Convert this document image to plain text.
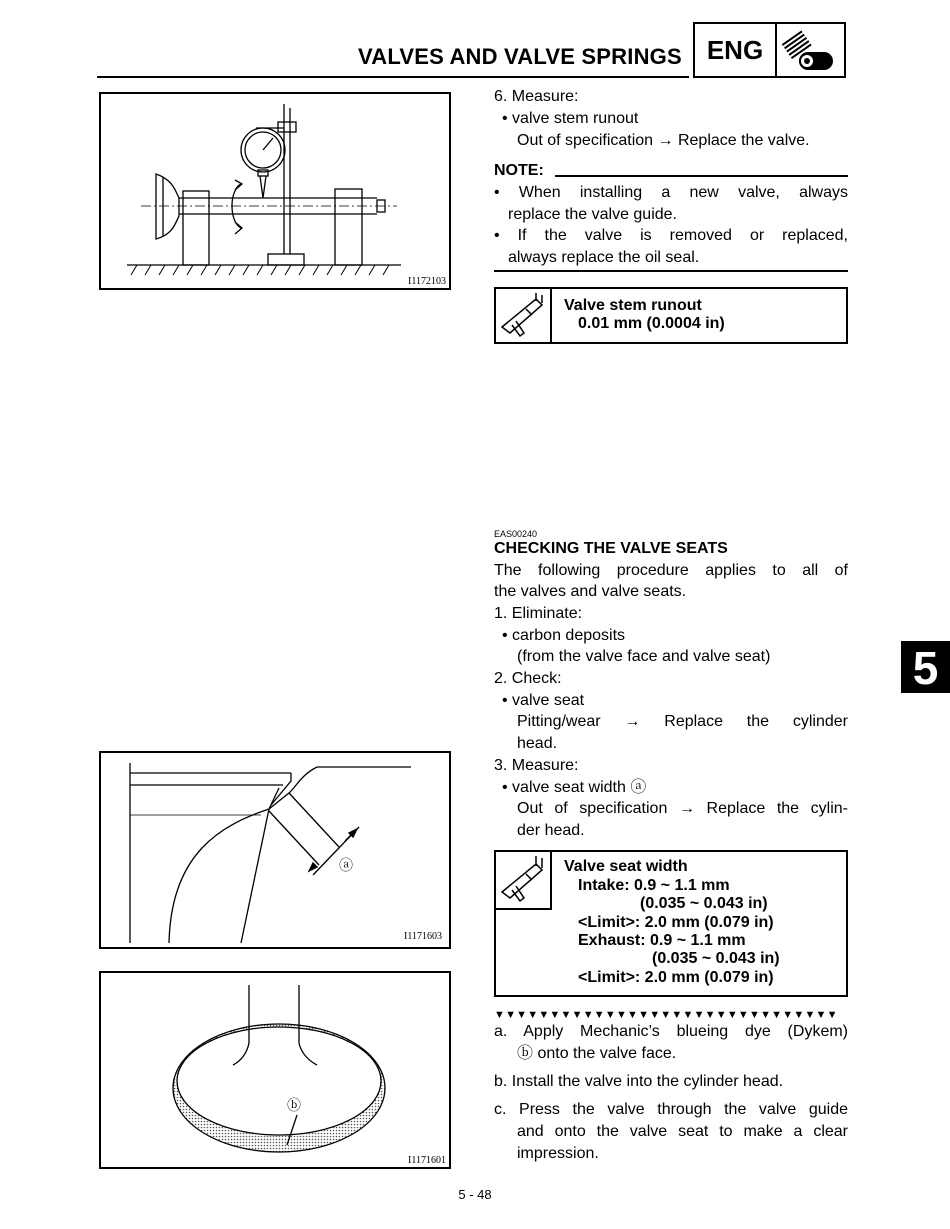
VALVES AND VALVE SPRINGS ENG
I1172103
6. Measure:
• valve stem runout
Out of specification → Replace the valve.
NOTE:
• When installing a new valve, always
replace the valve guide.
• If the valve is removed or replaced,
always replace the oil seal.
Valve stem runout
0.01 mm (0.0004 in)
EAS00240
CHECKING THE VALVE SEATS
The following procedure applies to all of
the valves and valve seats.
1. Eliminate:
• carbon deposits
(from the valve face and valve seat)
2. Check:
• valve seat
Pitting/wear → Replace the cylinder
head.
3. Measure:
• valve seat width ⓐ
Out of specification → Replace the cylin-
der head.
Valve seat width
Intake: 0.9 ~ 1.1 mm
(0.035 ~ 0.043 in)
<Limit>: 2.0 mm (0.079 in)
Exhaust: 0.9 ~ 1.1 mm
(0.035 ~ 0.043 in)
<Limit>: 2.0 mm (0.079 in)
▼▼▼▼▼▼▼▼▼▼▼▼▼▼▼▼▼▼▼▼▼▼▼▼▼▼▼▼▼▼▼
a. Apply Mechanic’s blueing dye (Dykem)
ⓑ onto the valve face.
b. Install the valve into the cylinder head.
c. Press the valve through the valve guide
and onto the valve seat to make a clear
impression.
ⓐ
I1171603
ⓑ
I1171601
5
5 - 48
